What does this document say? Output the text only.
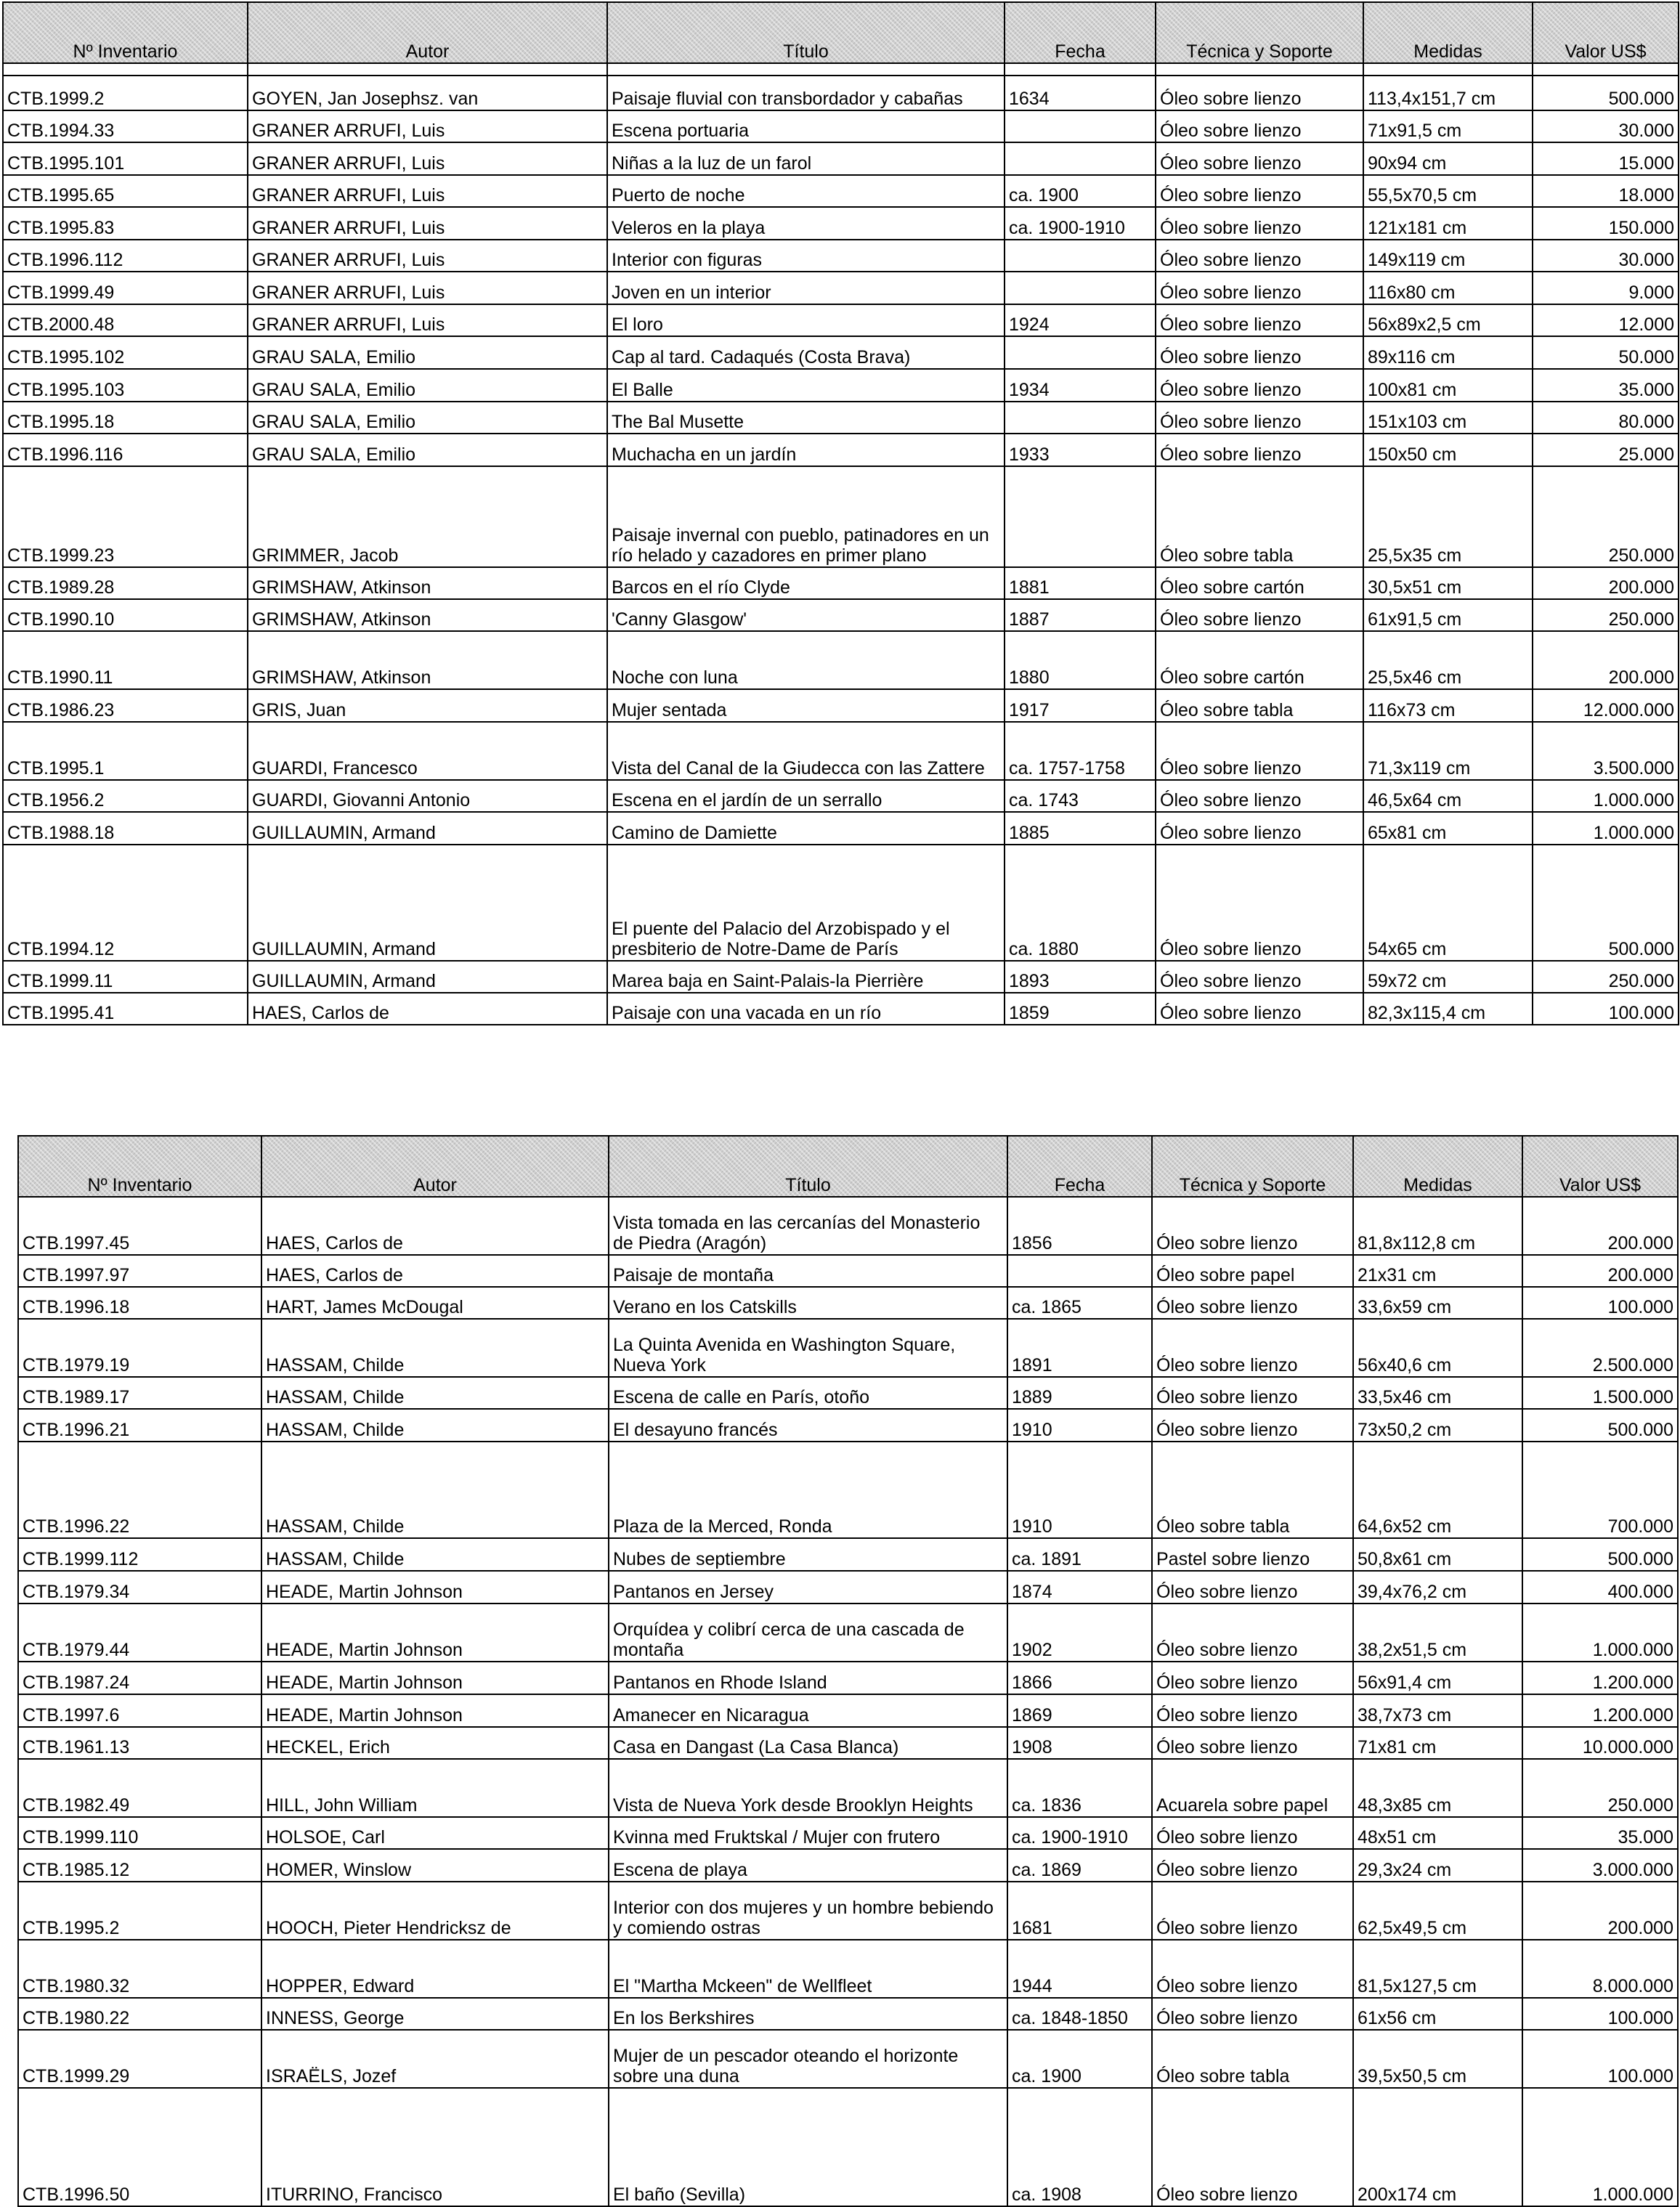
Nº Inventario	Autor	Título	Fecha	Técnica y Soporte	Medidas	Valor US$

CTB.1999.2	GOYEN, Jan Josephsz. van	Paisaje fluvial con transbordador y cabañas	1634	Óleo sobre lienzo	113,4x151,7 cm	500.000
CTB.1994.33	GRANER ARRUFI, Luis	Escena portuaria		Óleo sobre lienzo	71x91,5 cm	30.000
CTB.1995.101	GRANER ARRUFI, Luis	Niñas a la luz de un farol		Óleo sobre lienzo	90x94 cm	15.000
CTB.1995.65	GRANER ARRUFI, Luis	Puerto de noche	ca. 1900	Óleo sobre lienzo	55,5x70,5 cm	18.000
CTB.1995.83	GRANER ARRUFI, Luis	Veleros en la playa	ca. 1900-1910	Óleo sobre lienzo	121x181 cm	150.000
CTB.1996.112	GRANER ARRUFI, Luis	Interior con figuras		Óleo sobre lienzo	149x119 cm	30.000
CTB.1999.49	GRANER ARRUFI, Luis	Joven en un interior		Óleo sobre lienzo	116x80 cm	9.000
CTB.2000.48	GRANER ARRUFI, Luis	El loro	1924	Óleo sobre lienzo	56x89x2,5 cm	12.000
CTB.1995.102	GRAU SALA, Emilio	Cap al tard. Cadaqués (Costa Brava)		Óleo sobre lienzo	89x116 cm	50.000
CTB.1995.103	GRAU SALA, Emilio	El Balle	1934	Óleo sobre lienzo	100x81 cm	35.000
CTB.1995.18	GRAU SALA, Emilio	The Bal Musette		Óleo sobre lienzo	151x103 cm	80.000
CTB.1996.116	GRAU SALA, Emilio	Muchacha en un jardín	1933	Óleo sobre lienzo	150x50 cm	25.000
CTB.1999.23	GRIMMER, Jacob	Paisaje invernal con pueblo, patinadores en un río helado y cazadores en primer plano		Óleo sobre tabla	25,5x35 cm	250.000
CTB.1989.28	GRIMSHAW, Atkinson	Barcos en el río Clyde	1881	Óleo sobre cartón	30,5x51 cm	200.000
CTB.1990.10	GRIMSHAW, Atkinson	'Canny Glasgow'	1887	Óleo sobre lienzo	61x91,5 cm	250.000
CTB.1990.11	GRIMSHAW, Atkinson	Noche con luna	1880	Óleo sobre cartón	25,5x46 cm	200.000
CTB.1986.23	GRIS, Juan	Mujer sentada	1917	Óleo sobre tabla	116x73 cm	12.000.000
CTB.1995.1	GUARDI, Francesco	Vista del Canal de la Giudecca con las Zattere	ca. 1757-1758	Óleo sobre lienzo	71,3x119 cm	3.500.000
CTB.1956.2	GUARDI, Giovanni Antonio	Escena en el jardín de un serrallo	ca. 1743	Óleo sobre lienzo	46,5x64 cm	1.000.000
CTB.1988.18	GUILLAUMIN, Armand	Camino de Damiette	1885	Óleo sobre lienzo	65x81 cm	1.000.000
CTB.1994.12	GUILLAUMIN, Armand	El puente del Palacio del Arzobispado y el presbiterio de Notre-Dame de París	ca. 1880	Óleo sobre lienzo	54x65 cm	500.000
CTB.1999.11	GUILLAUMIN, Armand	Marea baja en Saint-Palais-la Pierrière	1893	Óleo sobre lienzo	59x72 cm	250.000
CTB.1995.41	HAES, Carlos de	Paisaje con una vacada en un río	1859	Óleo sobre lienzo	82,3x115,4 cm	100.000
Nº Inventario	Autor	Título	Fecha	Técnica y Soporte	Medidas	Valor US$
CTB.1997.45	HAES, Carlos de	Vista tomada en las cercanías del Monasterio de Piedra (Aragón)	1856	Óleo sobre lienzo	81,8x112,8 cm	200.000
CTB.1997.97	HAES, Carlos de	Paisaje de montaña		Óleo sobre papel	21x31 cm	200.000
CTB.1996.18	HART, James McDougal	Verano en los Catskills	ca. 1865	Óleo sobre lienzo	33,6x59 cm	100.000
CTB.1979.19	HASSAM, Childe	La Quinta Avenida en Washington Square, Nueva York	1891	Óleo sobre lienzo	56x40,6 cm	2.500.000
CTB.1989.17	HASSAM, Childe	Escena de calle en París, otoño	1889	Óleo sobre lienzo	33,5x46 cm	1.500.000
CTB.1996.21	HASSAM, Childe	El desayuno francés	1910	Óleo sobre lienzo	73x50,2 cm	500.000
CTB.1996.22	HASSAM, Childe	Plaza de la Merced, Ronda	1910	Óleo sobre tabla	64,6x52 cm	700.000
CTB.1999.112	HASSAM, Childe	Nubes de septiembre	ca. 1891	Pastel sobre lienzo	50,8x61 cm	500.000
CTB.1979.34	HEADE, Martin Johnson	Pantanos en Jersey	1874	Óleo sobre lienzo	39,4x76,2 cm	400.000
CTB.1979.44	HEADE, Martin Johnson	Orquídea y colibrí cerca de una cascada de montaña	1902	Óleo sobre lienzo	38,2x51,5 cm	1.000.000
CTB.1987.24	HEADE, Martin Johnson	Pantanos en Rhode Island	1866	Óleo sobre lienzo	56x91,4 cm	1.200.000
CTB.1997.6	HEADE, Martin Johnson	Amanecer en Nicaragua	1869	Óleo sobre lienzo	38,7x73 cm	1.200.000
CTB.1961.13	HECKEL, Erich	Casa en Dangast (La Casa Blanca)	1908	Óleo sobre lienzo	71x81 cm	10.000.000
CTB.1982.49	HILL, John William	Vista de Nueva York desde Brooklyn Heights	ca. 1836	Acuarela sobre papel	48,3x85 cm	250.000
CTB.1999.110	HOLSOE, Carl	Kvinna med Fruktskal / Mujer con frutero	ca. 1900-1910	Óleo sobre lienzo	48x51 cm	35.000
CTB.1985.12	HOMER, Winslow	Escena de playa	ca. 1869	Óleo sobre lienzo	29,3x24 cm	3.000.000
CTB.1995.2	HOOCH, Pieter Hendricksz de	Interior con dos mujeres y un hombre bebiendo y comiendo ostras	1681	Óleo sobre lienzo	62,5x49,5 cm	200.000
CTB.1980.32	HOPPER, Edward	El "Martha Mckeen" de Wellfleet	1944	Óleo sobre lienzo	81,5x127,5 cm	8.000.000
CTB.1980.22	INNESS, George	En los Berkshires	ca. 1848-1850	Óleo sobre lienzo	61x56 cm	100.000
CTB.1999.29	ISRAËLS, Jozef	Mujer de un pescador oteando el horizonte sobre una duna	ca. 1900	Óleo sobre tabla	39,5x50,5 cm	100.000
CTB.1996.50	ITURRINO, Francisco	El baño (Sevilla)	ca. 1908	Óleo sobre lienzo	200x174 cm	1.000.000
